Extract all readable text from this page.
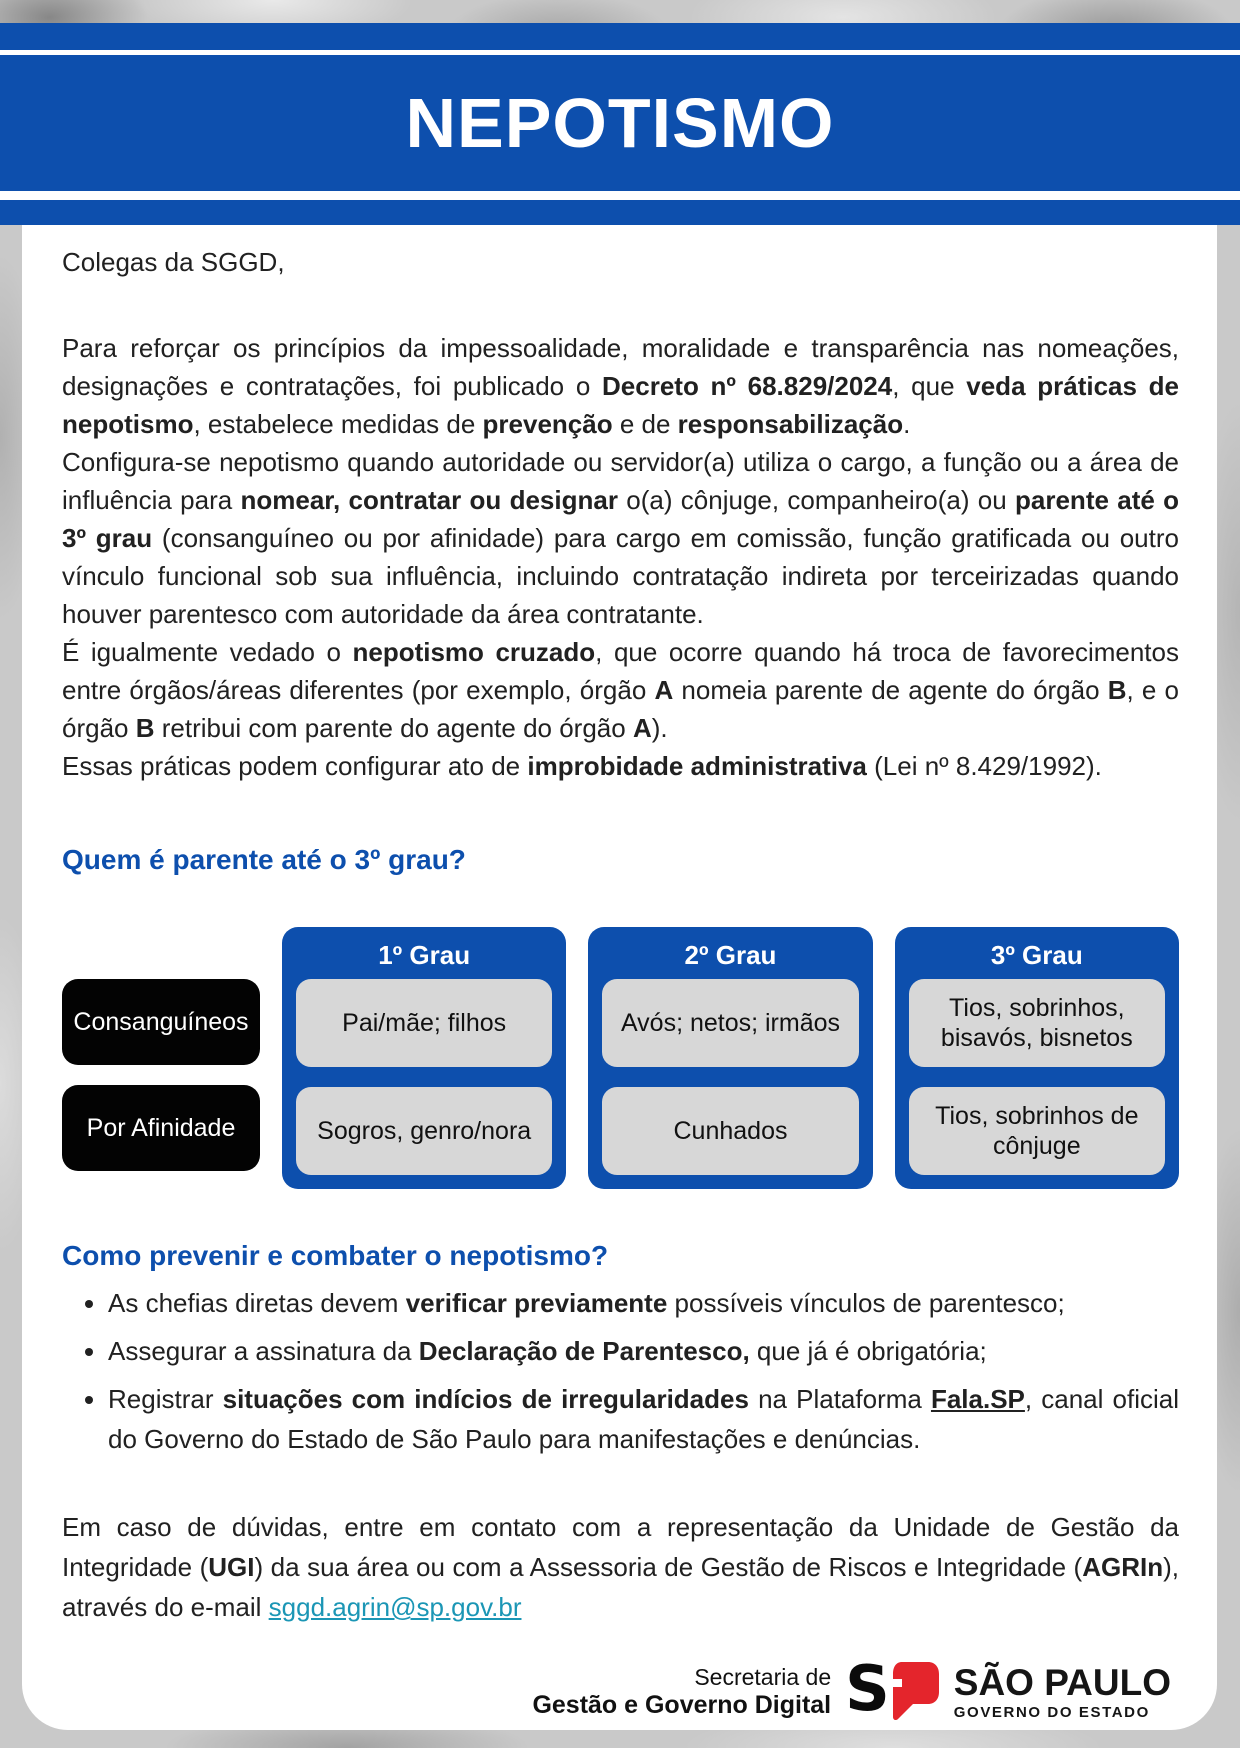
NEPOTISMO
Colegas da SGGD,

Para reforçar os princípios da impessoalidade, moralidade e transparência nas nomeações, designações e contratações, foi publicado o Decreto nº 68.829/2024, que veda práticas de nepotismo, estabelece medidas de prevenção e de responsabilização.

Configura-se nepotismo quando autoridade ou servidor(a) utiliza o cargo, a função ou a área de influência para nomear, contratar ou designar o(a) cônjuge, companheiro(a) ou parente até o 3º grau (consanguíneo ou por afinidade) para cargo em comissão, função gratificada ou outro vínculo funcional sob sua influência, incluindo contratação indireta por terceirizadas quando houver parentesco com autoridade da área contratante.

É igualmente vedado o nepotismo cruzado, que ocorre quando há troca de favorecimentos entre órgãos/áreas diferentes (por exemplo, órgão A nomeia parente de agente do órgão B, e o órgão B retribui com parente do agente do órgão A).

Essas práticas podem configurar ato de improbidade administrativa (Lei nº 8.429/1992).

Quem é parente até o 3º grau?
Consanguíneos
Por Afinidade
1º Grau
Pai/mãe; filhos
Sogros, genro/nora
2º Grau
Avós; netos; irmãos
Cunhados
3º Grau
Tios, sobrinhos, bisavós, bisnetos
Tios, sobrinhos de cônjuge
Como prevenir e combater o nepotismo?
• As chefias diretas devem verificar previamente possíveis vínculos de parentesco;
• Assegurar a assinatura da Declaração de Parentesco, que já é obrigatória;
• Registrar situações com indícios de irregularidades na Plataforma Fala.SP, canal oficial do Governo do Estado de São Paulo para manifestações e denúncias.

Em caso de dúvidas, entre em contato com a representação da Unidade de Gestão da Integridade (UGI) da sua área ou com a Assessoria de Gestão de Riscos e Integridade (AGRIn), através do e-mail sggd.agrin@sp.gov.br

Secretaria de
Gestão e Governo Digital S SÃO PAULO
GOVERNO DO ESTADO
